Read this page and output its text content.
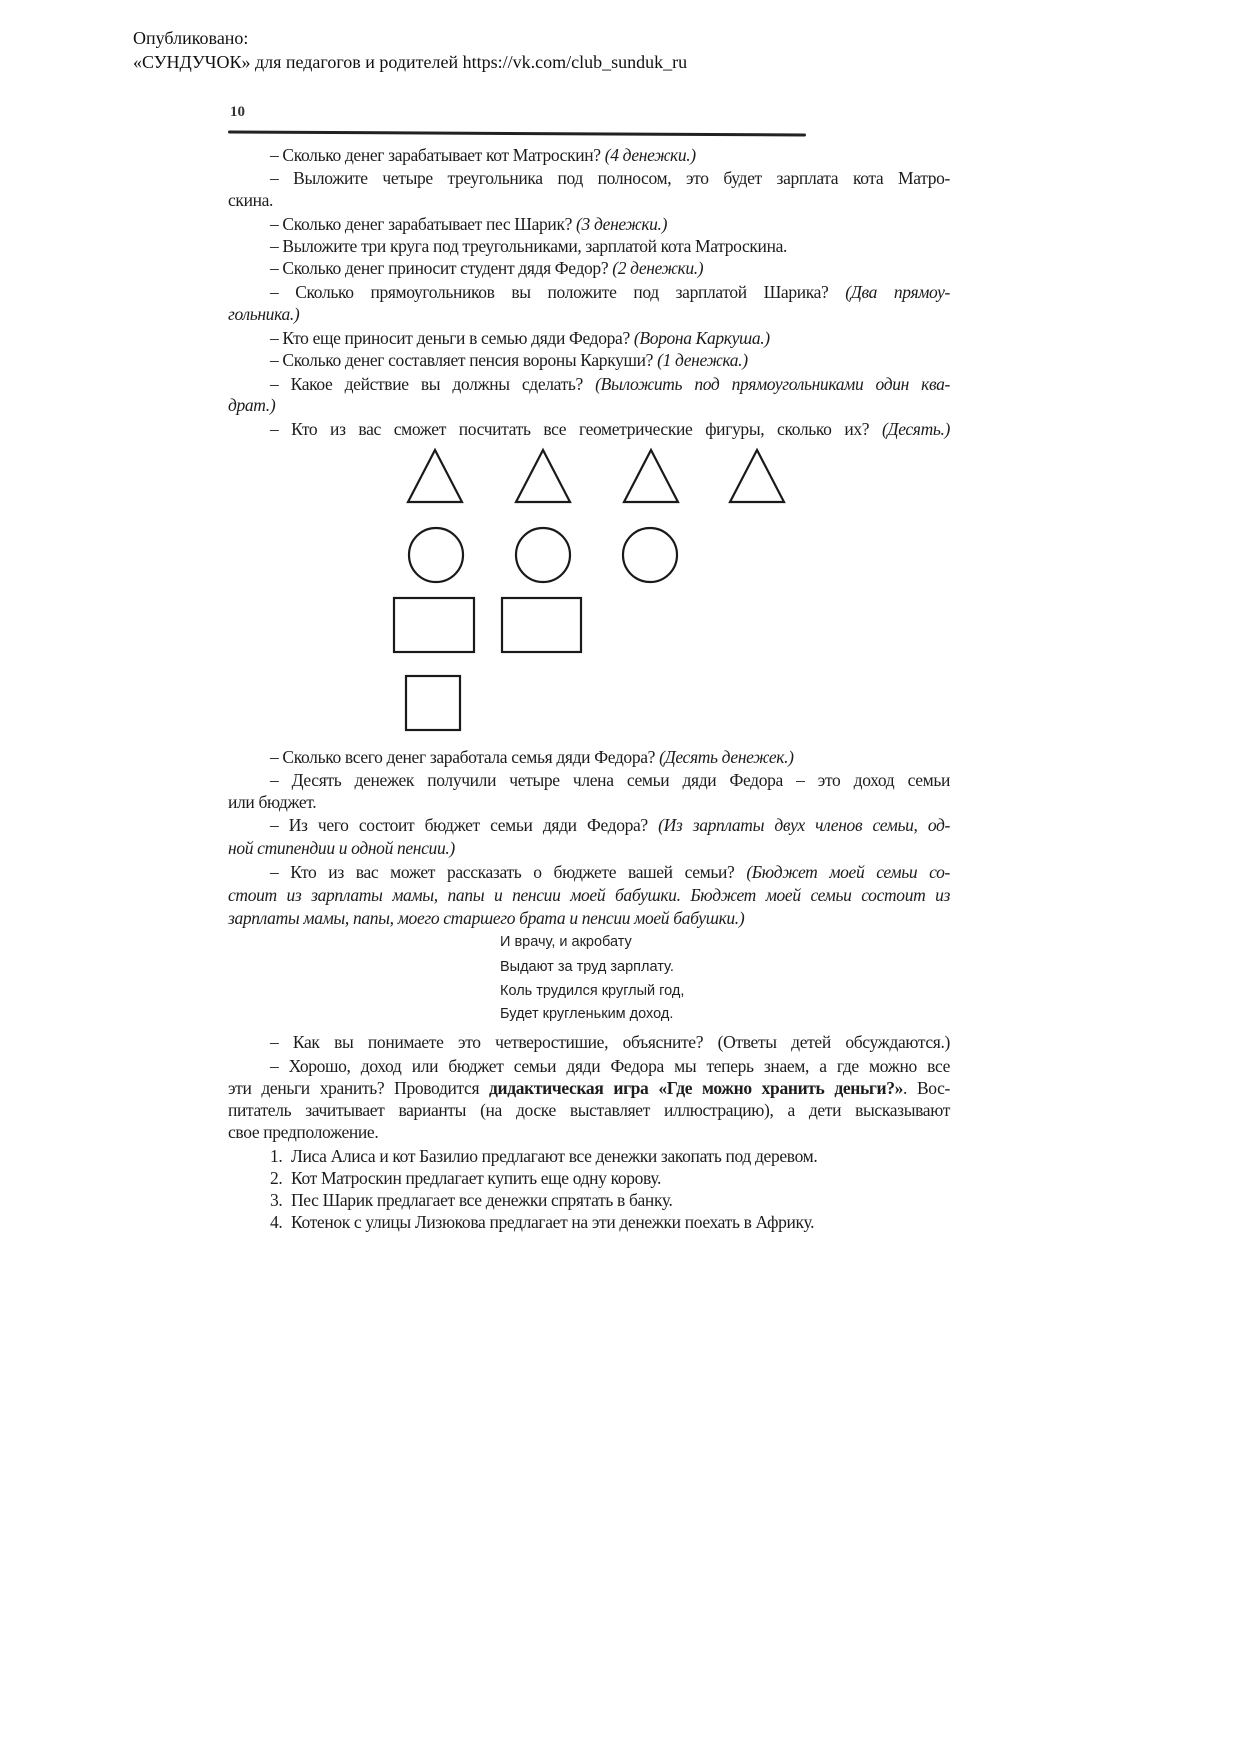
Опубликовано:
«СУНДУЧОК» для педагогов и родителей https://vk.com/club_sunduk_ru
10
– Сколько денег зарабатывает кот Матроскин? (4 денежки.)
– Выложите четыре треугольника под полносом, это будет зарплата кота Матро-
скина.
– Сколько денег зарабатывает пес Шарик? (3 денежки.)
– Выложите три круга под треугольниками, зарплатой кота Матроскина.
– Сколько денег приносит студент дядя Федор? (2 денежки.)
– Сколько прямоугольников вы положите под зарплатой Шарика? (Два прямоу-
гольника.)
– Кто еще приносит деньги в семью дяди Федора? (Ворона Каркуша.)
– Сколько денег составляет пенсия вороны Каркуши? (1 денежка.)
– Какое действие вы должны сделать? (Выложить под прямоугольниками один ква-
драт.)
– Кто из вас сможет посчитать все геометрические фигуры, сколько их? (Десять.)
– Сколько всего денег заработала семья дяди Федора? (Десять денежек.)
– Десять денежек получили четыре члена семьи дяди Федора – это доход семьи
или бюджет.
– Из чего состоит бюджет семьи дяди Федора? (Из зарплаты двух членов семьи, од-
ной стипендии и одной пенсии.)
– Кто из вас может рассказать о бюджете вашей семьи? (Бюджет моей семьи со-
стоит из зарплаты мамы, папы и пенсии моей бабушки. Бюджет моей семьи состоит из
зарплаты мамы, папы, моего старшего брата и пенсии моей бабушки.)
– Как вы понимаете это четверостишие, объясните? (Ответы детей обсуждаются.)
– Хорошо, доход или бюджет семьи дяди Федора мы теперь знаем, а где можно все
эти деньги хранить? Проводится дидактическая игра «Где можно хранить деньги?». Вос-
питатель зачитывает варианты (на доске выставляет иллюстрацию), а дети высказывают
свое предположение.
1. Лиса Алиса и кот Базилио предлагают все денежки закопать под деревом.
2. Кот Матроскин предлагает купить еще одну корову.
3. Пес Шарик предлагает все денежки спрятать в банку.
4. Котенок с улицы Лизюкова предлагает на эти денежки поехать в Африку.
И врачу, и акробату
Выдают за труд зарплату.
Коль трудился круглый год,
Будет кругленьким доход.
